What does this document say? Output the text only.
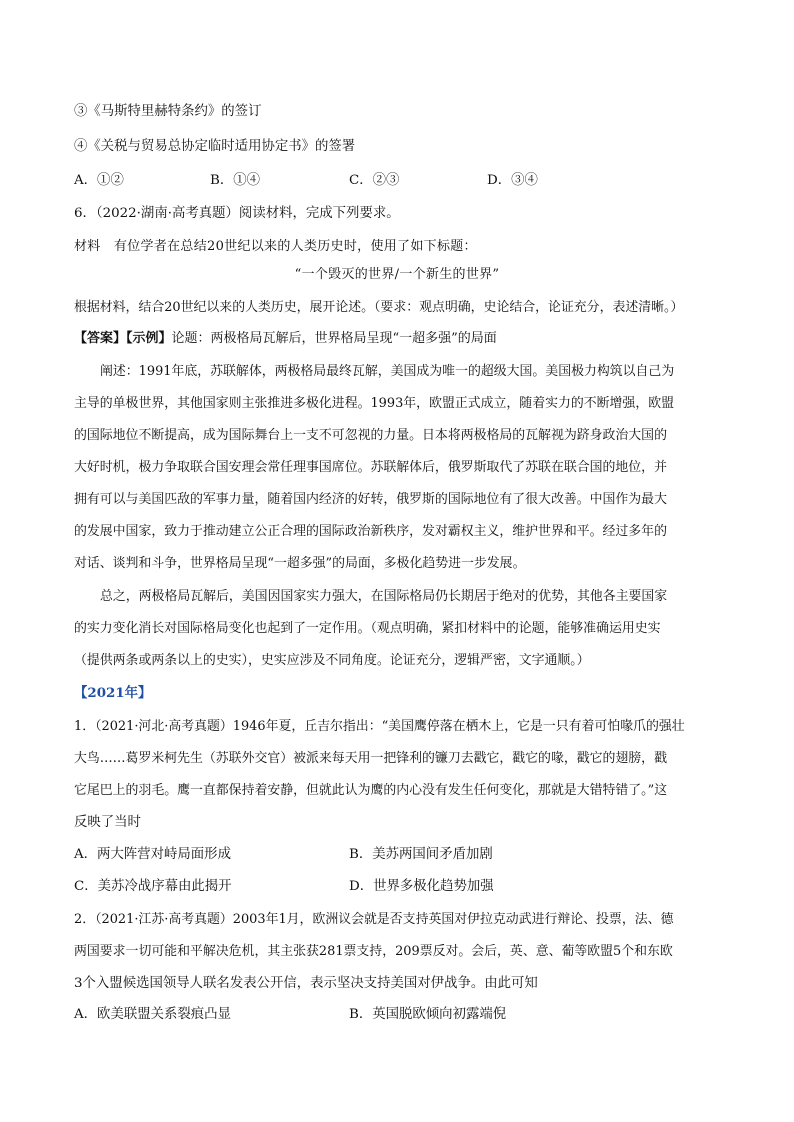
③《马斯特里赫特条约》的签订
④《关税与贸易总协定临时适用协定书》的签署
A．①②	B．①④	C．②③	D．③④
6．（2022·湖南·高考真题）阅读材料，完成下列要求。
材料　有位学者在总结20世纪以来的人类历史时，使用了如下标题：
“一个毁灭的世界/一个新生的世界”
根据材料，结合20世纪以来的人类历史，展开论述。（要求：观点明确，史论结合，论证充分，表述清晰。）
【答案】【示例】论题：两极格局瓦解后，世界格局呈现“一超多强”的局面
阐述：1991年底，苏联解体，两极格局最终瓦解，美国成为唯一的超级大国。美国极力构筑以自己为
主导的单极世界，其他国家则主张推进多极化进程。1993年，欧盟正式成立，随着实力的不断增强，欧盟
的国际地位不断提高，成为国际舞台上一支不可忽视的力量。日本将两极格局的瓦解视为跻身政治大国的
大好时机，极力争取联合国安理会常任理事国席位。苏联解体后，俄罗斯取代了苏联在联合国的地位，并
拥有可以与美国匹敌的军事力量，随着国内经济的好转，俄罗斯的国际地位有了很大改善。中国作为最大
的发展中国家，致力于推动建立公正合理的国际政治新秩序，发对霸权主义，维护世界和平。经过多年的
对话、谈判和斗争，世界格局呈现“一超多强”的局面，多极化趋势进一步发展。
总之，两极格局瓦解后，美国因国家实力强大，在国际格局仍长期居于绝对的优势，其他各主要国家
的实力变化消长对国际格局变化也起到了一定作用。（观点明确，紧扣材料中的论题，能够准确运用史实
（提供两条或两条以上的史实），史实应涉及不同角度。论证充分，逻辑严密，文字通顺。）
【2021年】
1．（2021·河北·高考真题）1946年夏，丘吉尔指出：“美国鹰停落在栖木上，它是一只有着可怕喙爪的强壮
大鸟……葛罗米柯先生（苏联外交官）被派来每天用一把锋利的镰刀去戳它，戳它的喙，戳它的翅膀，戳
它尾巴上的羽毛。鹰一直都保持着安静，但就此认为鹰的内心没有发生任何变化，那就是大错特错了。”这
反映了当时
A．两大阵营对峙局面形成	B．美苏两国间矛盾加剧
C．美苏冷战序幕由此揭开	D．世界多极化趋势加强
2．（2021·江苏·高考真题）2003年1月，欧洲议会就是否支持英国对伊拉克动武进行辩论、投票，法、德
两国要求一切可能和平解决危机，其主张获281票支持，209票反对。会后，英、意、葡等欧盟5个和东欧
3个入盟候选国领导人联名发表公开信，表示坚决支持美国对伊战争。由此可知
A．欧美联盟关系裂痕凸显	B．英国脱欧倾向初露端倪
